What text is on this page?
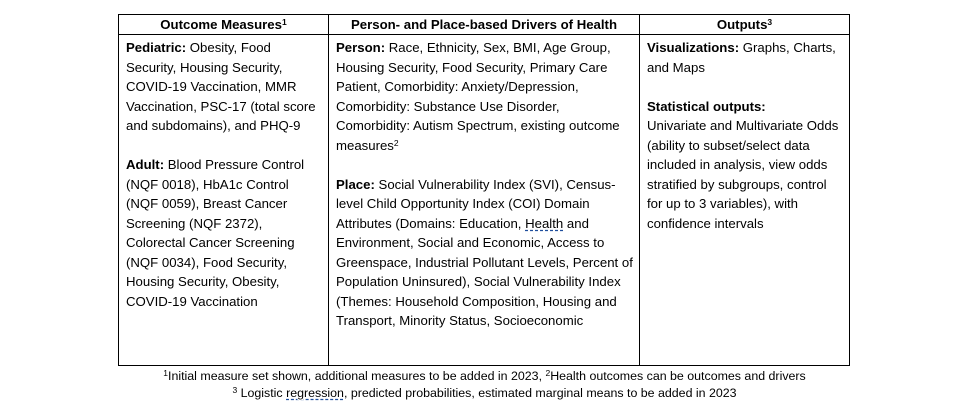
Outcome Measures$^1$	Person- and Place-based Drivers of Health	Outputs$^3$

Pediatric: Obesity, Food Security, Housing Security, COVID-19 Vaccination, MMR Vaccination, PSC-17 (total score and subdomains), and PHQ-9

Adult: Blood Pressure Control (NQF 0018), HbA1c Control (NQF 0059), Breast Cancer Screening (NQF 2372), Colorectal Cancer Screening (NQF 0034), Food Security, Housing Security, Obesity, COVID-19 Vaccination

Person: Race, Ethnicity, Sex, BMI, Age Group, Housing Security, Food Security, Primary Care Patient, Comorbidity: Anxiety/Depression, Comorbidity: Substance Use Disorder, Comorbidity: Autism Spectrum, existing outcome measures$^2$

Place: Social Vulnerability Index (SVI), Census-level Child Opportunity Index (COI) Domain Attributes (Domains: Education, Health and Environment, Social and Economic, Access to Greenspace, Industrial Pollutant Levels, Percent of Population Uninsured), Social Vulnerability Index (Themes: Household Composition, Housing and Transport, Minority Status, Socioeconomic

Visualizations: Graphs, Charts, and Maps

Statistical outputs:

Univariate and Multivariate Odds (ability to subset/select data included in analysis, view odds stratified by subgroups, control for up to 3 variables), with confidence intervals

$^1$Initial measure set shown, additional measures to be added in 2023, $^2$Health outcomes can be outcomes and drivers
$^3$ Logistic regression, predicted probabilities, estimated marginal means to be added in 2023
